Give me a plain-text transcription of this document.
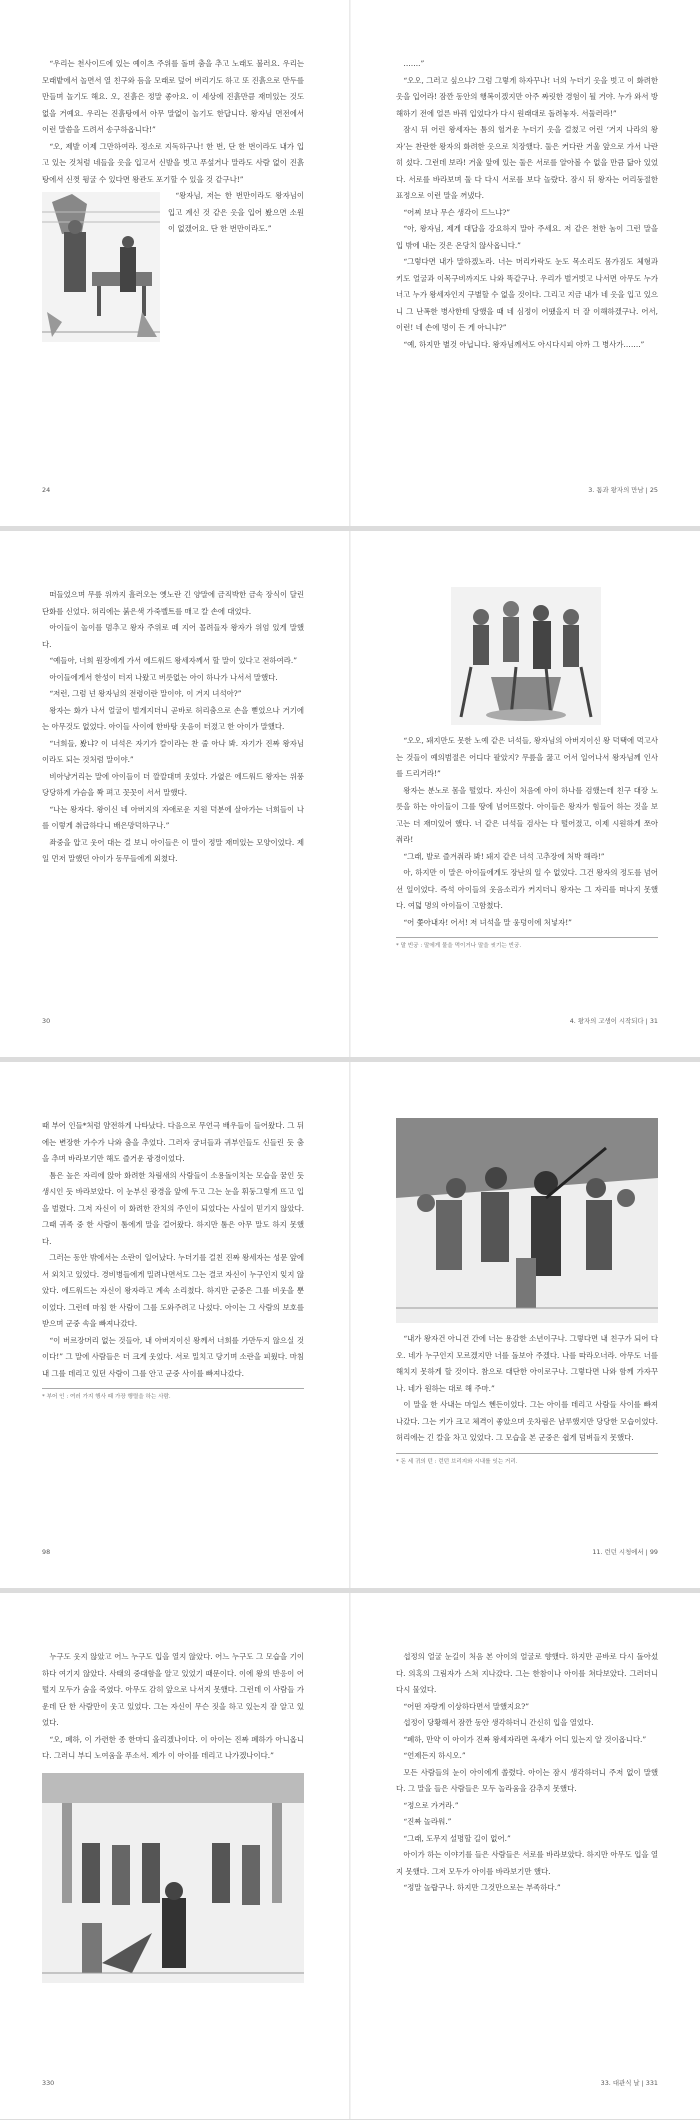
“우리는 천사이드에 있는 예이츠 주위를 돌며 춤을 추고 노래도 불러요. 우리는 모래밭에서 놀면서 열 친구와 듬을 모래로 덮어 버리기도 하고 또 진흙으로 만두를 만들며 놀기도 해요. 오, 진흙은 정말 좋아요. 이 세상에 진흙만큼 재미있는 것도 없을 거예요. 우리는 진흙탕에서 아무 말없이 놀기도 한답니다. 왕자님 면전에서 이런 말씀을 드려서 송구하옵니다!”

“오, 제발 이제 그만하여라. 정소로 지독하구나! 한 번, 단 한 번이라도 내가 입고 있는 것처럼 네들을 옷을 입고서 신발을 벗고 푸섶거나 말라도 사람 없이 진흙탕에서 신껏 뒹굴 수 있다면 왕관도 포기할 수 있을 것 같구나!”

“왕자님, 저는 한 번만이라도 왕자님이 입고 계신 것 같은 옷을 입어 봤으면 소원이 없겠어요. 단 한 번만이라도.”

24

…….”

“오오, 그러고 싶으냐? 그럼 그렇게 하자꾸나! 너의 누더기 옷을 벗고 이 화려한 옷을 입어라! 잠깐 동안의 행복이겠지만 아주 짜릿한 경험이 될 거야. 누가 와서 방해하기 전에 얼른 바꿔 입었다가 다시 원래대로 돌려놓자. 서둘러라!”

잠시 뒤 어린 왕세자는 톰의 헐거운 누더기 옷을 걸쳤고 어린 ‘거지 나라의 왕자’는 찬란한 왕자의 화려한 옷으로 치장했다. 둘은 커다란 거울 앞으로 가서 나란히 섰다. 그런데 보라! 거울 앞에 있는 둘은 서로를 알아볼 수 없을 만큼 닮아 있었다. 서로를 바라보며 둘 다 다시 서로를 보다 놀랐다. 잠시 뒤 왕자는 어리둥절한 표정으로 이런 말을 꺼냈다.

“어찌 보나 무슨 생각이 드느냐?”

“아, 왕자님, 제게 대답을 강요하지 말아 주세요. 저 같은 천한 놈이 그런 말을 입 밖에 내는 것은 온당치 않사옵니다.”

“그렇다면 내가 말하겠노라. 너는 머리카락도 눈도 목소리도 몸가짐도 체형과 키도 얼굴과 이목구비까지도 나와 똑같구나. 우리가 벌거벗고 나서면 아무도 누가 너고 누가 왕세자인지 구별할 수 없을 것이다. 그리고 지금 내가 네 옷을 입고 있으니 그 난폭한 병사한테 당했을 때 네 심정이 어땠을지 더 잘 이해하겠구나. 어서, 이런! 네 손에 멍이 든 게 아니냐?”

“예, 하지만 별것 아닙니다. 왕자님께서도 아시다시피 아까 그 병사가…….”

3. 톰과 왕자의 만남 | 25

떠들었으며 무릎 위까지 흘러오는 옛노란 긴 양말에 금직박한 금속 장식이 달린 단화를 신었다. 허리에는 붉은색 가죽벨트를 매고 칼 손에 대었다.

아이들이 놀이를 멈추고 왕자 주위로 떼 지어 몰려들자 왕자가 위엄 있게 말했다.

“예들아, 너희 원장에게 가서 에드워드 왕세자께서 할 말이 있다고 전하여라.”

아이들에게서 한성이 터져 나왔고 버릇없는 아이 하나가 나서서 말했다.

“저런, 그럼 넌 왕자님의 전령이란 말이야, 이 거지 녀석아?”

왕자는 화가 나서 얼굴이 벌게지더니 곧바로 허리춤으로 손을 뻗었으나 거기에는 아무것도 없었다. 아이들 사이에 한바탕 웃음이 터졌고 한 아이가 말했다.

“너희들, 봤냐? 이 녀석은 자기가 칼이라는 찬 줄 아나 봐. 자기가 진짜 왕자님이라도 되는 것처럼 말이야.”

비아냥거리는 말에 아이들이 더 깔깔대며 웃었다. 가엾은 에드워드 왕자는 위풍당당하게 가슴을 쫙 펴고 꼿꼿이 서서 말했다.

“나는 왕자다. 왕이신 네 아버지의 자애로운 지원 덕분에 살아가는 너희들이 나를 이렇게 취급하다니 배은망덕하구나.”

좌중을 압고 웃어 대는 걸 보니 아이들은 이 말이 정말 재미있는 모양이었다. 제일 먼저 말했던 아이가 동무들에게 외쳤다.

30

“오오, 돼지만도 못한 노예 같은 녀석들, 왕자님의 아버지이신 왕 덕택에 먹고사는 것들이 예의범절은 어디다 팔았지? 무릎을 꿇고 어서 일어나서 왕자님께 인사를 드리거라!”

왕자는 분노로 몸을 떨었다. 자신이 처음에 아이 하나를 검했는데 친구 대장 노릇을 하는 아이들이 그를 땅에 넘어뜨렸다. 아이들은 왕자가 힘들어 하는 것을 보고는 더 재미있어 했다. 너 같은 녀석들 검사는 다 떨어졌고, 이제 시원하게 쪼아 줘라!

“그래, 발로 즐겨줘라 봐! 돼지 같은 녀석 고추장에 처박 해라!”

아, 하지만 이 말은 아이들에게도 장난의 일 수 없었다. 그건 왕자의 정도를 넘어선 일이었다. 즉석 아이들의 웃음소리가 커지더니 왕자는 그 자리를 떠나지 못했다. 여덟 명의 아이들이 고함쳤다.

“어 쫓아내자! 어서! 저 녀석을 말 웅덩이에 처넣자!”

* 말 빈궁 : 말에게 물을 먹이거나 말을 씻기는 빈궁.
4. 왕자의 고생이 시작되다 | 31

때 부어 인들*처럼 얌전하게 나타났다. 다음으로 무언극 배우들이 들어왔다. 그 뒤에는 변장한 가수가 나와 춤을 추었다. 그러자 궁녀들과 귀부인들도 신들린 듯 춤을 추며 바라보기만 해도 즐거운 광경이었다.

톰은 높은 자리에 앉아 화려한 차림새의 사람들이 소용돌이치는 모습을 꿈인 듯 생시인 듯 바라보았다. 이 눈부신 광경을 앞에 두고 그는 눈을 휘둥그렇게 뜨고 입을 벌렸다. 그저 자신이 이 화려한 잔치의 주인이 되었다는 사실이 믿기지 않았다. 그때 귀족 중 한 사람이 톰에게 말을 걸어왔다. 하지만 톰은 아무 말도 하지 못했다.

그러는 동안 밖에서는 소란이 일어났다. 누더기를 걸친 진짜 왕세자는 성문 앞에서 외치고 있었다. 경비병들에게 밀려나면서도 그는 결코 자신이 누구인지 잊지 않았다. 에드워드는 자신이 왕자라고 계속 소리쳤다. 하지만 군중은 그를 비웃을 뿐이었다. 그런데 마침 한 사람이 그를 도와주려고 나섰다. 아이는 그 사람의 보호를 받으며 군중 속을 빠져나갔다.

“이 버르장머리 없는 것들아, 내 아버지이신 왕께서 너희를 가만두지 않으실 것이다!” 그 말에 사람들은 더 크게 웃었다. 서로 밀치고 당기며 소란을 피웠다. 마침내 그를 데리고 있던 사람이 그를 안고 군중 사이를 빠져나갔다.

* 부어 인 : 여러 가지 행사 때 가장 행렬을 하는 사람.
98

“내가 왕자건 아니건 간에 너는 용감한 소년이구나. 그렇다면 내 친구가 되어 다오. 네가 누구인지 모르겠지만 너를 돌보아 주겠다. 나를 따라오너라. 아무도 너를 해치지 못하게 할 것이다. 참으로 대단한 아이로구나. 그렇다면 나와 함께 가자꾸나. 네가 원하는 대로 해 주마.”

이 말을 한 사내는 마일스 헨든이었다. 그는 아이를 데리고 사람들 사이를 빠져나갔다. 그는 키가 크고 체격이 좋았으며 옷차림은 남루했지만 당당한 모습이었다. 허리에는 긴 칼을 차고 있었다. 그 모습을 본 군중은 쉽게 덤벼들지 못했다.

* 돈 세 귀의 턴 : 런던 브리지와 시내를 잇는 거리.
11. 런던 시청에서 | 99

누구도 웃지 않았고 어느 누구도 입을 열지 않았다. 어느 누구도 그 모습을 기이하다 여기지 않았다. 사태의 중대함을 알고 있었기 때문이다. 이에 왕의 반응이 어떨지 모두가 숨을 죽였다. 아무도 감히 앞으로 나서지 못했다. 그런데 이 사람들 가운데 단 한 사람만이 웃고 있었다. 그는 자신이 무슨 짓을 하고 있는지 잘 알고 있었다.

“오, 폐하, 이 가련한 종 한마디 올리겠나이다. 이 아이는 진짜 폐하가 아니옵니다. 그러니 부디 노여움을 푸소서. 제가 이 아이를 데리고 나가겠나이다.”

330

섭정의 얼굴 눈길이 처음 본 아이의 얼굴로 향했다. 하지만 곧바로 다시 돌아섰다. 의혹의 그림자가 스쳐 지나갔다. 그는 한참이나 아이를 쳐다보았다. 그러더니 다시 물었다.

“어떤 자랑게 이상하다면서 말했지요?”

섭정이 당황해서 잠깐 동안 생각하더니 간신히 입을 열었다.

“폐하, 만약 이 아이가 진짜 왕세자라면 옥새가 어디 있는지 알 것이옵니다.”

“언제든지 하시오.”

모든 사람들의 눈이 아이에게 쏠렸다. 아이는 잠시 생각하더니 주저 없이 말했다. 그 말을 들은 사람들은 모두 놀라움을 감추지 못했다.

“정으로 가거라.”

“진짜 놀라워.”

“그래, 도무지 설명할 길이 없어.”

아이가 하는 이야기를 들은 사람들은 서로를 바라보았다. 하지만 아무도 입을 열지 못했다. 그저 모두가 아이를 바라보기만 했다.

“정말 놀랍구나. 하지만 그것만으로는 부족하다.”

33. 대관식 날 | 331
